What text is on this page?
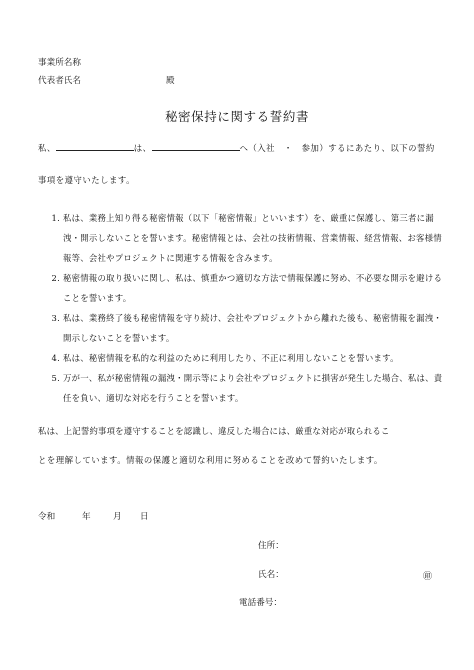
事業所名称
代表者氏名	殿
秘密保持に関する誓約書
私、	は、	へ（入社　・　参加）するにあたり、以下の誓約
事項を遵守いたします。
1. 私は、業務上知り得る秘密情報（以下「秘密情報」といいます）を、厳重に保護し、第三者に漏洩・開示しないことを誓います。秘密情報とは、会社の技術情報、営業情報、経営情報、お客様情報等、会社やプロジェクトに関連する情報を含みます。
2. 秘密情報の取り扱いに関し、私は、慎重かつ適切な方法で情報保護に努め、不必要な開示を避けることを誓います。
3. 私は、業務終了後も秘密情報を守り続け、会社やプロジェクトから離れた後も、秘密情報を漏洩・開示しないことを誓います。
4. 私は、秘密情報を私的な利益のために利用したり、不正に利用しないことを誓います。
5. 万が一、私が秘密情報の漏洩・開示等により会社やプロジェクトに損害が発生した場合、私は、責任を負い、適切な対応を行うことを誓います。
私は、上記誓約事項を遵守することを認識し、違反した場合には、厳重な対応が取られるこ
とを理解しています。情報の保護と適切な利用に努めることを改めて誓約いたします。
令和	年	月 日
住所：
氏名：	㊞
電話番号：
